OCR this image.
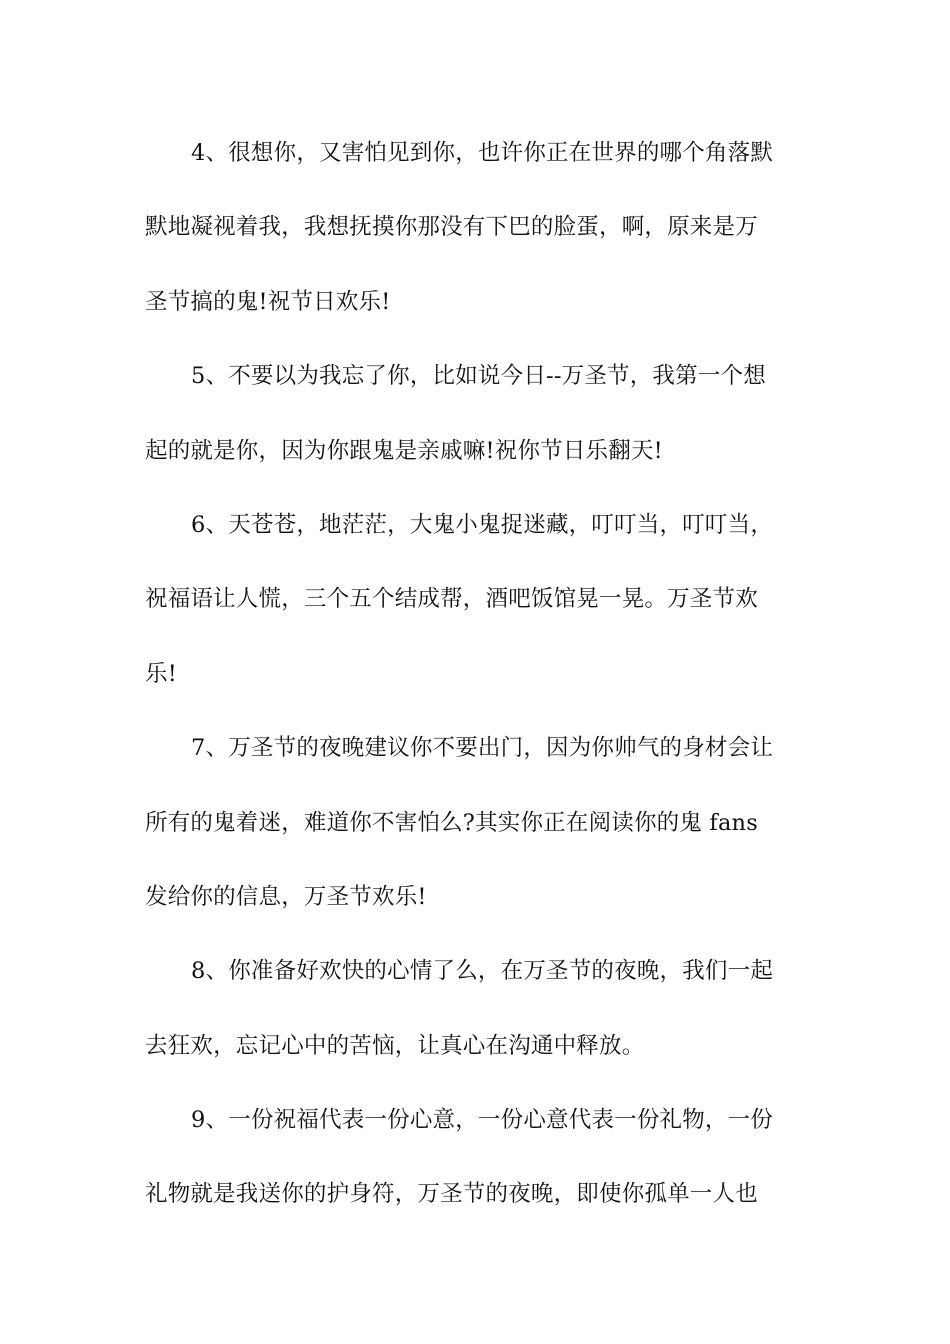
4、很想你，又害怕见到你，也许你正在世界的哪个角落默
默地凝视着我，我想抚摸你那没有下巴的脸蛋，啊，原来是万
圣节搞的鬼!祝节日欢乐!
5、不要以为我忘了你，比如说今日--万圣节，我第一个想
起的就是你，因为你跟鬼是亲戚嘛!祝你节日乐翻天!
6、天苍苍，地茫茫，大鬼小鬼捉迷藏，叮叮当，叮叮当，
祝福语让人慌，三个五个结成帮，酒吧饭馆晃一晃。万圣节欢
乐!
7、万圣节的夜晚建议你不要出门，因为你帅气的身材会让
所有的鬼着迷，难道你不害怕么?其实你正在阅读你的鬼 fans
发给你的信息，万圣节欢乐!
8、你准备好欢快的心情了么，在万圣节的夜晚，我们一起
去狂欢，忘记心中的苦恼，让真心在沟通中释放。
9、一份祝福代表一份心意，一份心意代表一份礼物，一份
礼物就是我送你的护身符，万圣节的夜晚，即使你孤单一人也
